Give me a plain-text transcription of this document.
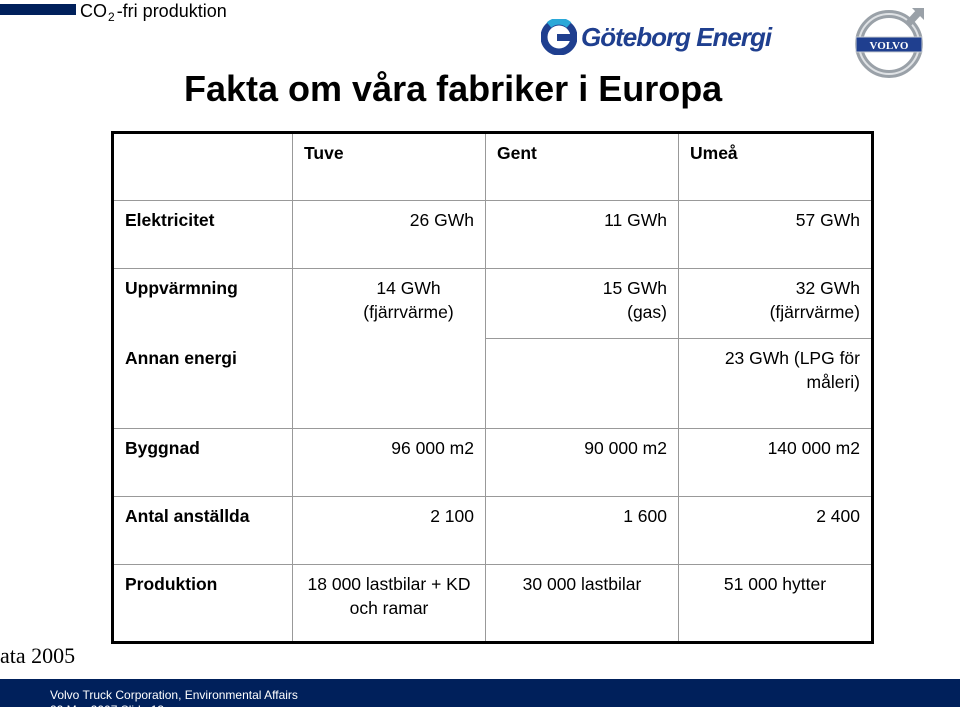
$CO_2$ -fri produktion
Göteborg Energi	VOLVO
Fakta om våra fabriker i Europa
	Tuve	Gent	Umeå
Elektricitet	26 GWh	11 GWh	57 GWh
Uppvärmning	14 GWh (fjärrvärme)	15 GWh (gas)	32 GWh (fjärrvärme)
Annan energi			23 GWh (LPG för måleri)
Byggnad	96 000 m2	90 000 m2	140 000 m2
Antal anställda	2 100	1 600	2 400
Produktion	18 000 lastbilar + KD och ramar	30 000 lastbilar	51 000 hytter
ata 2005
Volvo Truck Corporation, Environmental Affairs
22 Mar 2007 Slide 13
